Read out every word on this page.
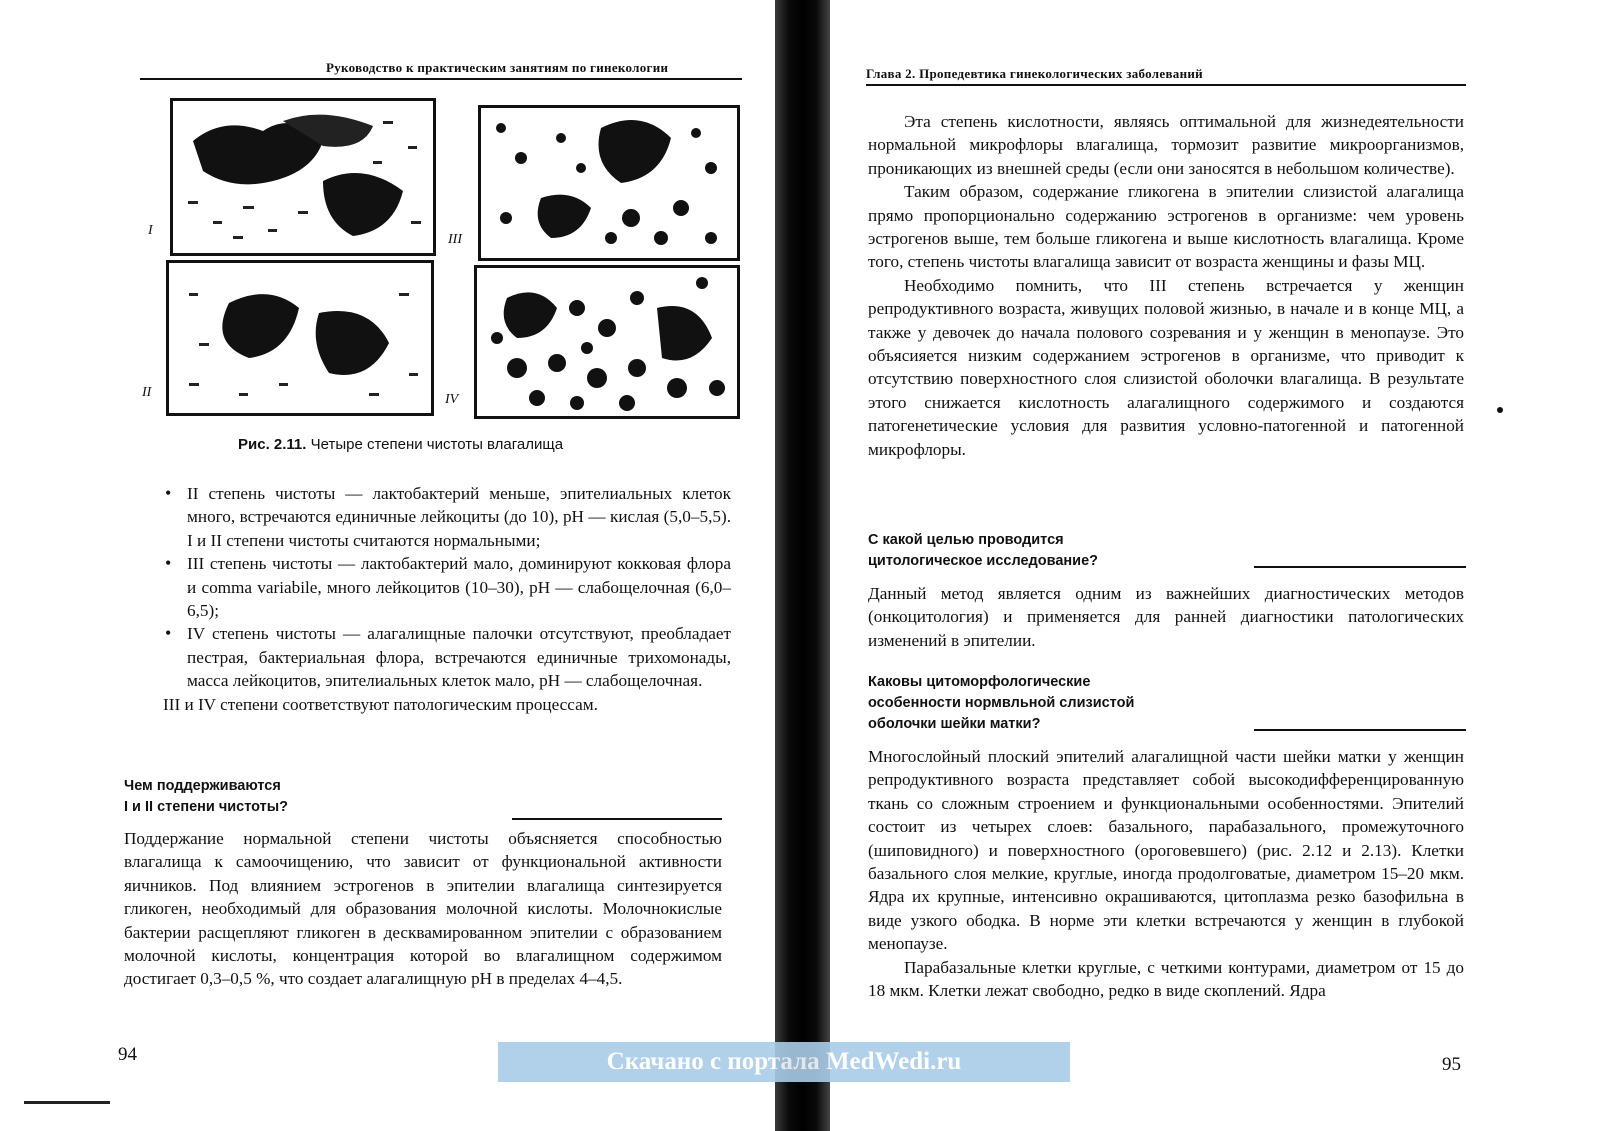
Руководство к практическим занятиям по гинекологии
I
II
III
IV
Рис. 2.11. Четыре степени чистоты влагалища
• II степень чистоты — лактобактерий меньше, эпителиальных клеток много, встречаются единичные лейкоциты (до 10), рН — кислая (5,0–5,5). I и II степени чистоты считаются нормальными;
• III степень чистоты — лактобактерий мало, доминируют кокковая флора и comma variabile, много лейкоцитов (10–30), рН — слабощелочная (6,0–6,5);
• IV степень чистоты — алагалищные палочки отсутствуют, преобладает пестрая, бактериальная флора, встречаются единичные трихомонады, масса лейкоцитов, эпителиальных клеток мало, рН — слабощелочная.

III и IV степени соответствуют патологическим процессам.

Чем поддерживаются
I и II степени чистоты?

Поддержание нормальной степени чистоты объясняется способностью влагалища к самоочищению, что зависит от функциональной активности яичников. Под влиянием эстрогенов в эпителии влагалища синтезируется гликоген, необходимый для образования молочной кислоты. Молочнокислые бактерии расщепляют гликоген в десквамированном эпителии с образованием молочной кислоты, концентрация которой во влагалищном содержимом достигает 0,3–0,5 %, что создает алагалищную рН в пределах 4–4,5.

94
Глава 2. Пропедевтика гинекологических заболеваний

Эта степень кислотности, являясь оптимальной для жизнедеятельности нормальной микрофлоры влагалища, тормозит развитие микроорганизмов, проникающих из внешней среды (если они заносятся в небольшом количестве).

Таким образом, содержание гликогена в эпителии слизистой алагалища прямо пропорционально содержанию эстрогенов в организме: чем уровень эстрогенов выше, тем больше гликогена и выше кислотность влагалища. Кроме того, степень чистоты влагалища зависит от возраста женщины и фазы МЦ.

Необходимо помнить, что III степень встречается у женщин репродуктивного возраста, живущих половой жизнью, в начале и в конце МЦ, а также у девочек до начала полового созревания и у женщин в менопаузе. Это объясияется низким содержанием эстрогенов в организме, что приводит к отсутствию поверхностного слоя слизистой оболочки влагалища. В результате этого снижается кислотность алагалищного содержимого и создаются патогенетические условия для развития условно-патогенной и патогенной микрофлоры.

С какой целью проводится
цитологическое исследование?

Данный метод является одним из важнейших диагностических методов (онкоцитология) и применяется для ранней диагностики патологических изменений в эпителии.

Каковы цитоморфологические
особенности нормвльной слизистой
оболочки шейки матки?

Многослойный плоский эпителий алагалищной части шейки матки у женщин репродуктивного возраста представляет собой высокодифференцированную ткань со сложным строением и функциональными особенностями. Эпителий состоит из четырех слоев: базального, парабазального, промежуточного (шиповидного) и поверхностного (ороговевшего) (рис. 2.12 и 2.13). Клетки базального слоя мелкие, круглые, иногда продолговатые, диаметром 15–20 мкм. Ядра их крупные, интенсивно окрашиваются, цитоплазма резко базофильна в виде узкого ободка. В норме эти клетки встречаются у женщин в глубокой менопаузе.

Парабазальные клетки круглые, с четкими контурами, диаметром от 15 до 18 мкм. Клетки лежат свободно, редко в виде скоплений. Ядра

95
Скачано с портала MedWedi.ru
